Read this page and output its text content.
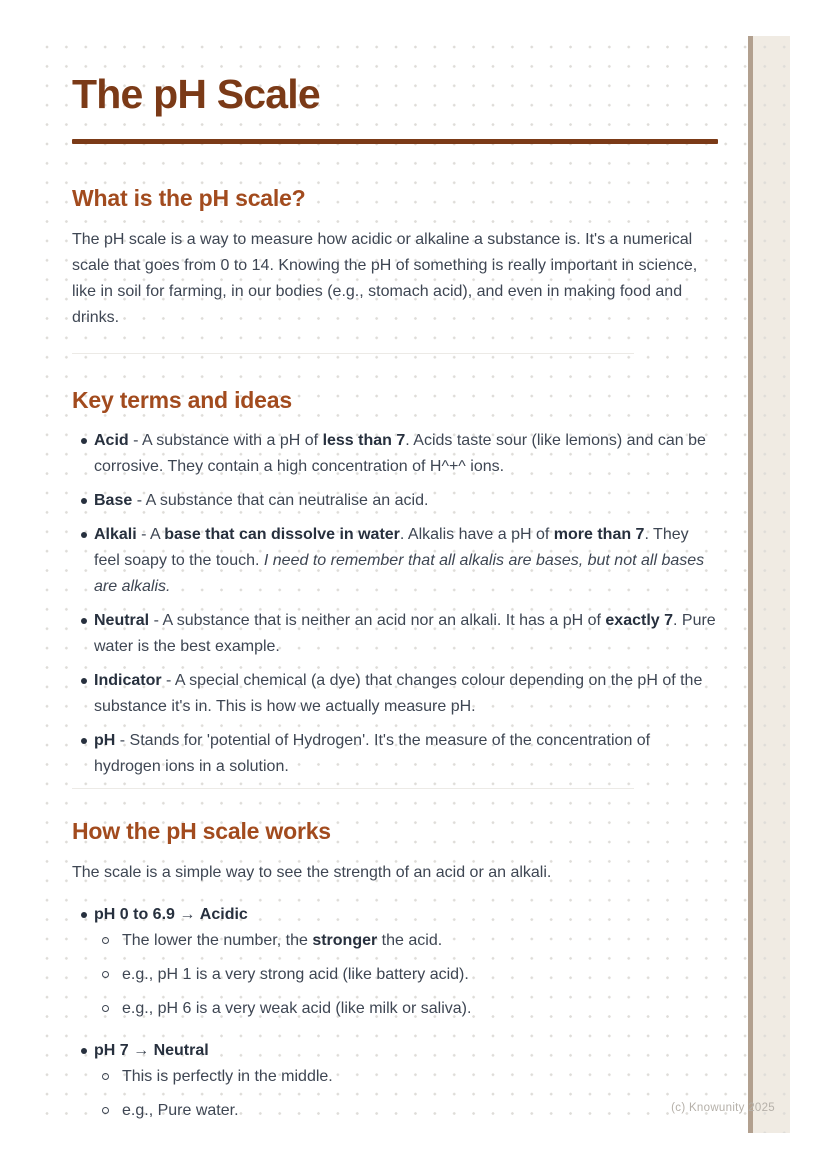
The pH Scale
What is the pH scale?

The pH scale is a way to measure how acidic or alkaline a substance is. It's a numerical scale that goes from 0 to 14. Knowing the pH of something is really important in science, like in soil for farming, in our bodies (e.g., stomach acid), and even in making food and drinks.

Key terms and ideas
Acid - A substance with a pH of less than 7. Acids taste sour (like lemons) and can be corrosive. They contain a high concentration of H^+^ ions.
Base - A substance that can neutralise an acid.
Alkali - A base that can dissolve in water. Alkalis have a pH of more than 7. They feel soapy to the touch. I need to remember that all alkalis are bases, but not all bases are alkalis.
Neutral - A substance that is neither an acid nor an alkali. It has a pH of exactly 7. Pure water is the best example.
Indicator - A special chemical (a dye) that changes colour depending on the pH of the substance it's in. This is how we actually measure pH.
pH - Stands for 'potential of Hydrogen'. It's the measure of the concentration of hydrogen ions in a solution.
How the pH scale works

The scale is a simple way to see the strength of an acid or an alkali.

pH 0 to 6.9 → Acidic
The lower the number, the stronger the acid.
e.g., pH 1 is a very strong acid (like battery acid).
e.g., pH 6 is a very weak acid (like milk or saliva).
pH 7 → Neutral
This is perfectly in the middle.
e.g., Pure water.	(c) Knowunity 2025
